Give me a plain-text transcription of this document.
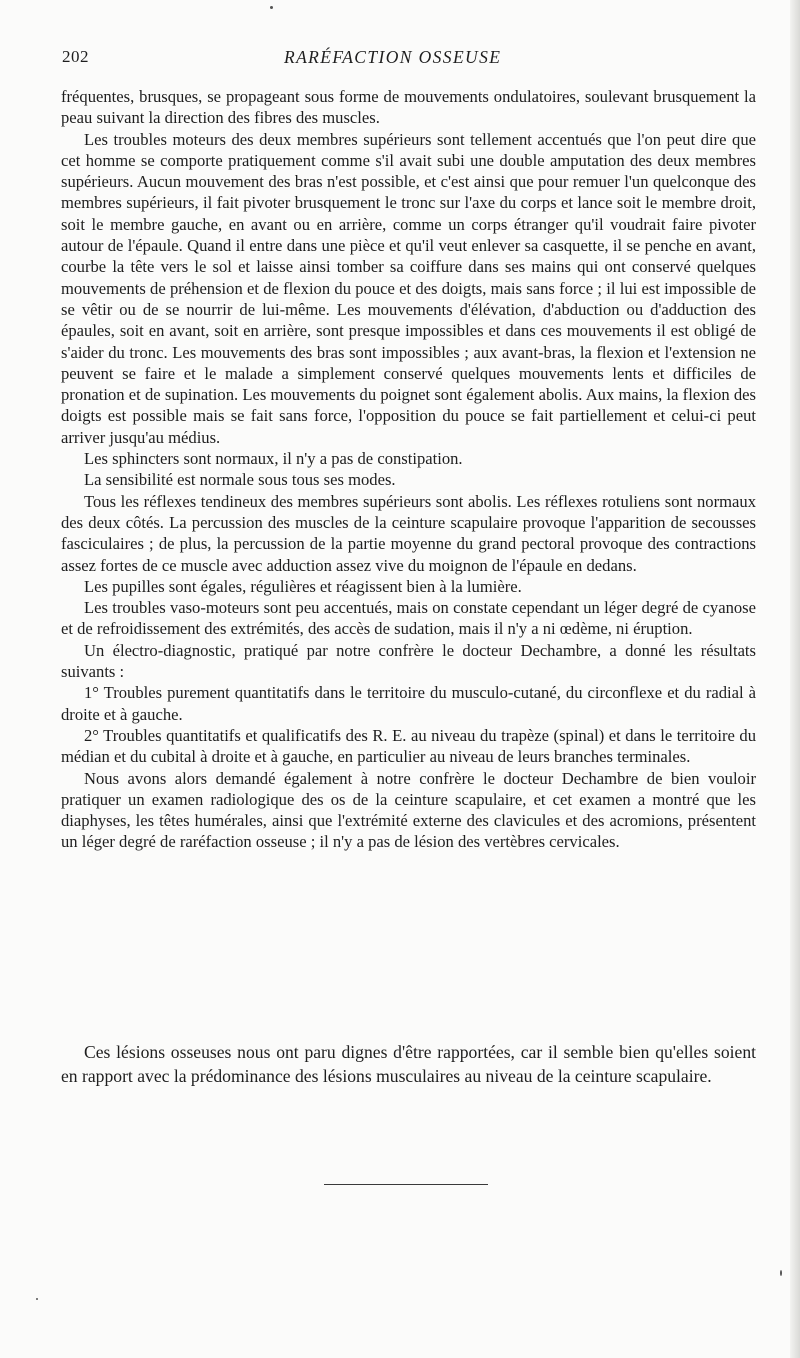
202	RARÉFACTION OSSEUSE

fréquentes, brusques, se propageant sous forme de mouvements ondulatoires, soulevant brusquement la peau suivant la direction des fibres des muscles.

Les troubles moteurs des deux membres supérieurs sont tellement accentués que l'on peut dire que cet homme se comporte pratiquement comme s'il avait subi une double amputation des deux membres supérieurs. Aucun mouvement des bras n'est possible, et c'est ainsi que pour remuer l'un quelconque des membres supérieurs, il fait pivoter brusquement le tronc sur l'axe du corps et lance soit le membre droit, soit le membre gauche, en avant ou en arrière, comme un corps étranger qu'il voudrait faire pivoter autour de l'épaule. Quand il entre dans une pièce et qu'il veut enlever sa casquette, il se penche en avant, courbe la tête vers le sol et laisse ainsi tomber sa coiffure dans ses mains qui ont conservé quelques mouvements de préhension et de flexion du pouce et des doigts, mais sans force ; il lui est impossible de se vêtir ou de se nourrir de lui-même. Les mouvements d'élévation, d'abduction ou d'adduction des épaules, soit en avant, soit en arrière, sont presque impossibles et dans ces mouvements il est obligé de s'aider du tronc. Les mouvements des bras sont impossibles ; aux avant-bras, la flexion et l'extension ne peuvent se faire et le malade a simplement conservé quelques mouvements lents et difficiles de pronation et de supination. Les mouvements du poignet sont également abolis. Aux mains, la flexion des doigts est possible mais se fait sans force, l'opposition du pouce se fait partiellement et celui-ci peut arriver jusqu'au médius.

Les sphincters sont normaux, il n'y a pas de constipation.

La sensibilité est normale sous tous ses modes.

Tous les réflexes tendineux des membres supérieurs sont abolis. Les réflexes rotuliens sont normaux des deux côtés. La percussion des muscles de la ceinture scapulaire provoque l'apparition de secousses fasciculaires ; de plus, la percussion de la partie moyenne du grand pectoral provoque des contractions assez fortes de ce muscle avec adduction assez vive du moignon de l'épaule en dedans.

Les pupilles sont égales, régulières et réagissent bien à la lumière.

Les troubles vaso-moteurs sont peu accentués, mais on constate cependant un léger degré de cyanose et de refroidissement des extrémités, des accès de sudation, mais il n'y a ni œdème, ni éruption.

Un électro-diagnostic, pratiqué par notre confrère le docteur Dechambre, a donné les résultats suivants :

1° Troubles purement quantitatifs dans le territoire du musculo-cutané, du circonflexe et du radial à droite et à gauche.

2° Troubles quantitatifs et qualificatifs des R. E. au niveau du trapèze (spinal) et dans le territoire du médian et du cubital à droite et à gauche, en particulier au niveau de leurs branches terminales.

Nous avons alors demandé également à notre confrère le docteur Dechambre de bien vouloir pratiquer un examen radiologique des os de la ceinture scapulaire, et cet examen a montré que les diaphyses, les têtes humérales, ainsi que l'extrémité externe des clavicules et des acromions, présentent un léger degré de raréfaction osseuse ; il n'y a pas de lésion des vertèbres cervicales.

Ces lésions osseuses nous ont paru dignes d'être rapportées, car il semble bien qu'elles soient en rapport avec la prédominance des lésions musculaires au niveau de la ceinture scapulaire.
